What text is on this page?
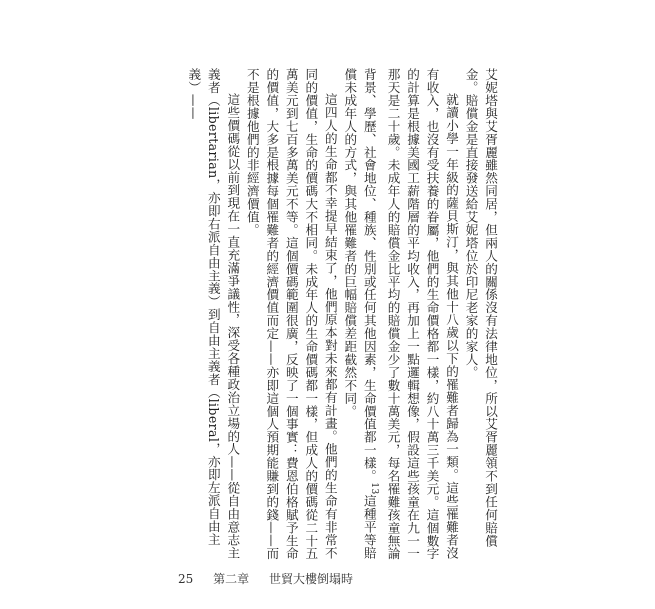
艾妮塔與艾胥麗雖然同居，但兩人的關係沒有法律地位，所以艾胥麗領不到任何賠償金。賠償金是直接發送給艾妮塔位於印尼老家的家人。

就讀小學一年級的薩貝斯汀，與其他十八歲以下的罹難者歸為一類。這些罹難者沒有收入，也沒有受扶養的眷屬，他們的生命價格都一樣，約八十萬三千美元。這個數字的計算是根據美國工薪階層的平均收入，再加上一點邏輯想像，假設這些孩童在九一一那天是二十歲。未成年人的賠償金比平均的賠償金少了數十萬美元，每名罹難孩童無論背景、學歷、社會地位、種族、性別或任何其他因素，生命價值都一樣。$^{13}$這種平等賠償未成年人的方式，與其他罹難者的巨幅賠償差距截然不同。

這四人的生命都不幸提早結束了，他們原本對未來都有計畫。他們的生命有非常不同的價值，生命的價碼大不相同。未成年人的生命價碼都一樣，但成人的價碼從二十五萬美元到七百多萬美元不等。這個價碼範圍很廣，反映了一個事實：費恩伯格賦予生命的價值，大多是根據每個罹難者的經濟價值而定——亦即這個人預期能賺到的錢——而不是根據他們的非經濟價值。

這些價碼從以前到現在一直充滿爭議性，深受各種政治立場的人——從自由意志主義者（libertarian，亦即右派自由主義）到自由主義者（liberal，亦即左派自由主義）——

25 第二章 世貿大樓倒塌時
